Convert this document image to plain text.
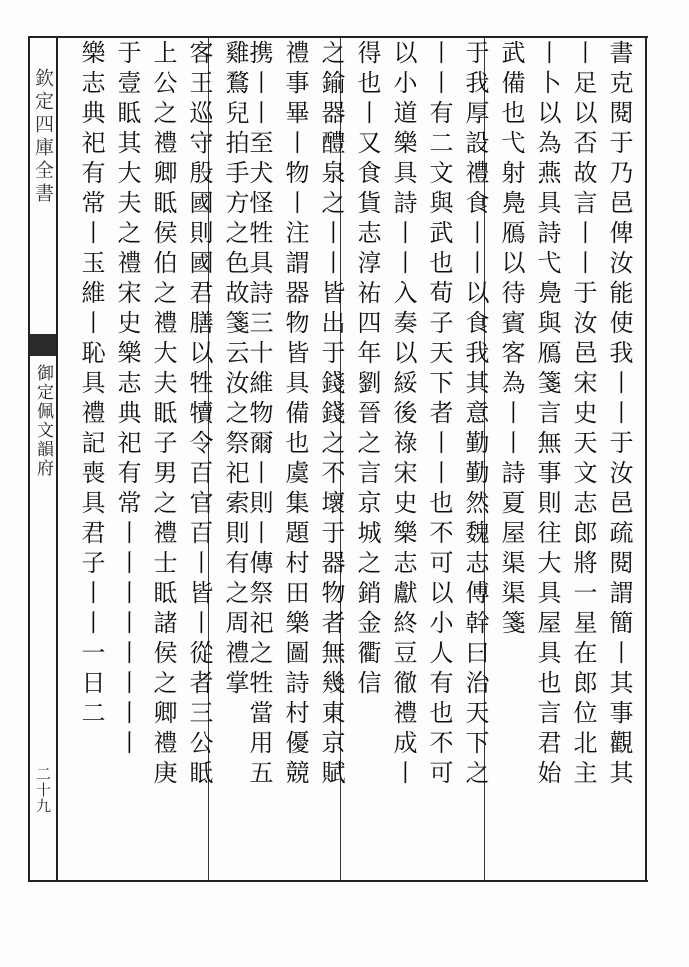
欽定四庫全書
御定佩文韻府
二十九	書克閱于乃邑俾汝能使我丨丨于汝邑疏閱謂簡丨其事觀其
丨足以否故言丨丨于汝邑宋史天文志郎將一星在郎位北主
丨卜以為燕具詩弋鳧與鴈箋言無事則往大具屋具也言君始
武備也弋射鳧鴈以待賓客為丨丨詩夏屋渠渠箋
于我厚設禮食丨丨以食我其意勤勤然魏志傅幹曰治天下之
丨丨有二文與武也荀子天下者丨丨也不可以小人有也不可
以小道樂具詩丨丨入奏以綏後祿宋史樂志獻終豆徹禮成丨
得也丨又食貨志淳祐四年劉晉之言京城之銷金衢信
之鍮器醴泉之丨丨皆出于錢錢之不壞于器物者無幾東京賦
禮事畢丨物丨注謂器物皆具備也虞集題村田樂圖詩村優競
携丨丨至犬怪牲具詩三十維物爾丨則丨傳祭祀之牲當用五
雞鶩兒拍手方之色故箋云汝之祭祀索則有之周禮掌
客王巡守殷國則國君膳以牲犢令百官百丨皆丨從者三公眡
上公之禮卿眡侯伯之禮大夫眡子男之禮士眡諸侯之卿禮庚
于壹眡其大夫之禮宋史樂志典祀有常丨丨丨丨丨丨丨丨
樂志典祀有常丨玉維丨恥具禮記喪具君子丨丨一日二
